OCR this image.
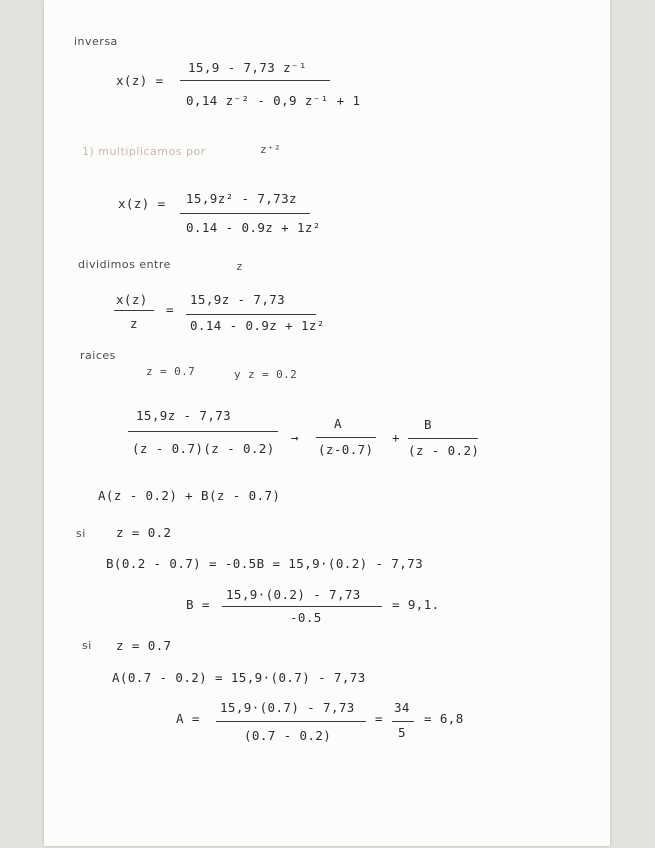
inversa
x(z) =
15,9 - 7,73 z⁻¹
0,14 z⁻² - 0,9 z⁻¹ + 1
1) multiplicamos por	z⁺²
x(z) = 15,9z² - 7,73z
0.14 - 0.9z + 1z²
dividimos entre	z
x(z)
z
=
15,9z - 7,73
0.14 - 0.9z + 1z²
raices
z = 0.7	y z = 0.2
15,9z - 7,73
(z - 0.7)(z - 0.2)
→
A
(z-0.7)
+
B
(z - 0.2)
A(z - 0.2) + B(z - 0.7)
si z = 0.2
B(0.2 - 0.7) = -0.5B = 15,9·(0.2) - 7,73
B =
15,9·(0.2) - 7,73
-0.5
= 9,1.
si z = 0.7
A(0.7 - 0.2) = 15,9·(0.7) - 7,73
A =
15,9·(0.7) - 7,73
(0.7 - 0.2)
=
34
5
= 6,8
